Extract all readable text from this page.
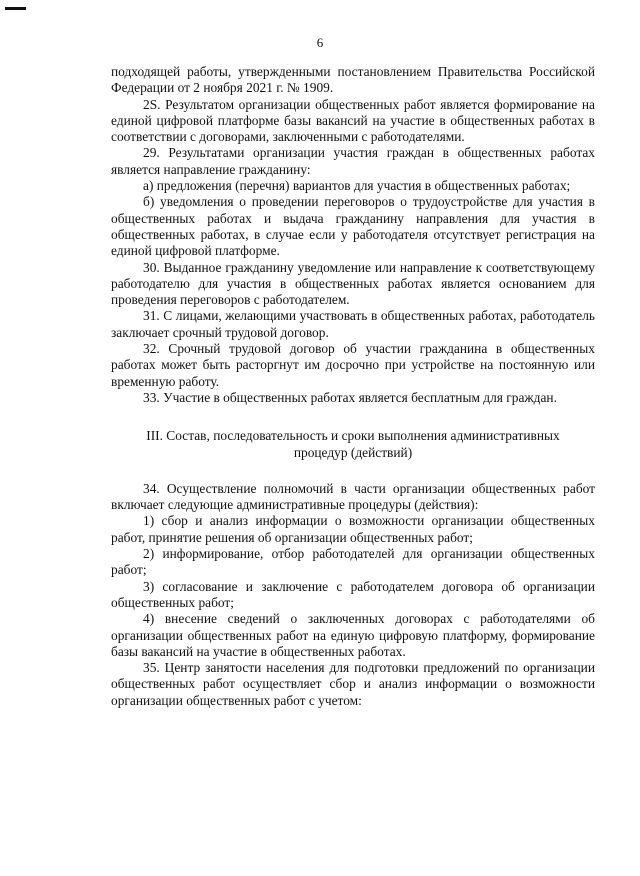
6

подходящей работы, утвержденными постановлением Правительства Российской Федерации от 2 ноября 2021 г. № 1909.

2S. Результатом организации общественных работ является формирование на единой цифровой платформе базы вакансий на участие в общественных работах в соответствии с договорами, заключенными с работодателями.

29. Результатами организации участия граждан в общественных работах является направление гражданину:

а) предложения (перечня) вариантов для участия в общественных работах;

б) уведомления о проведении переговоров о трудоустройстве для участия в общественных работах и выдача гражданину направления для участия в общественных работах, в случае если у работодателя отсутствует регистрация на единой цифровой платформе.

30. Выданное гражданину уведомление или направление к соответствующему работодателю для участия в общественных работах является основанием для проведения переговоров с работодателем.

31. С лицами, желающими участвовать в общественных работах, работодатель заключает срочный трудовой договор.

32. Срочный трудовой договор об участии гражданина в общественных работах может быть расторгнут им досрочно при устройстве на постоянную или временную работу.

33. Участие в общественных работах является бесплатным для граждан.

III. Состав, последовательность и сроки выполнения административных процедур (действий)

34. Осуществление полномочий в части организации общественных работ включает следующие административные процедуры (действия):

1) сбор и анализ информации о возможности организации общественных работ, принятие решения об организации общественных работ;

2) информирование, отбор работодателей для организации общественных работ;

3) согласование и заключение с работодателем договора об организации общественных работ;

4) внесение сведений о заключенных договорах с работодателями об организации общественных работ на единую цифровую платформу, формирование базы вакансий на участие в общественных работах.

35. Центр занятости населения для подготовки предложений по организации общественных работ осуществляет сбор и анализ информации о возможности организации общественных работ с учетом:
